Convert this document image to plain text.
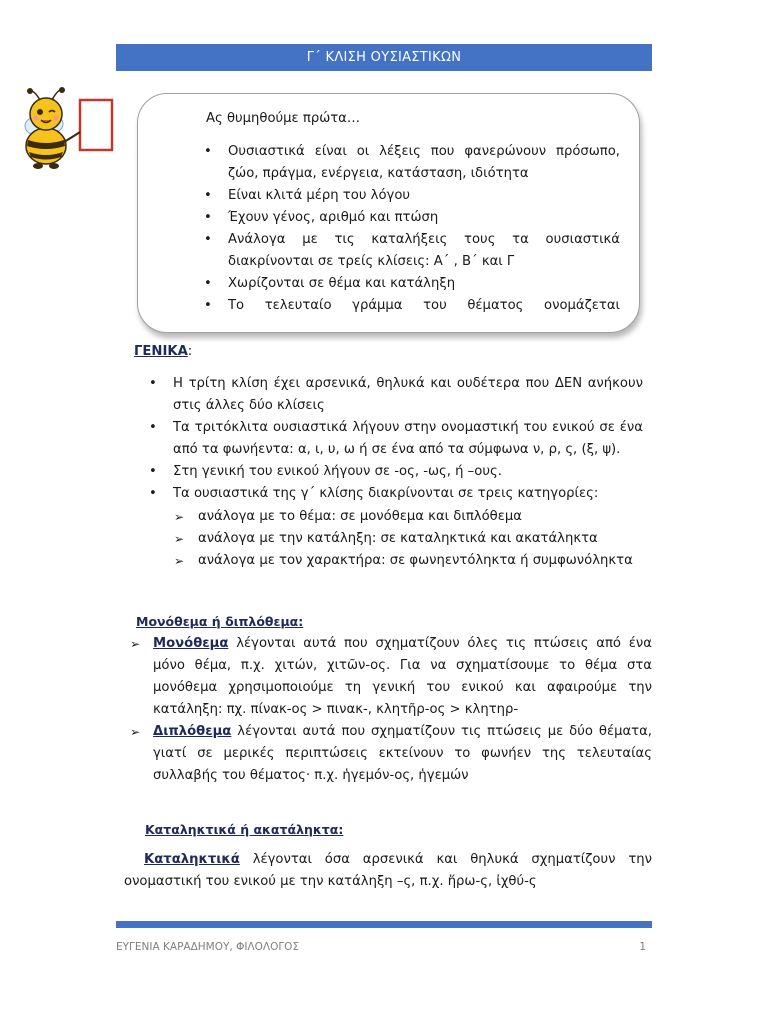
Γ΄ ΚΛΙΣΗ ΟΥΣΙΑΣΤΙΚΩΝ
Ας θυμηθούμε πρώτα…
• Ουσιαστικά είναι οι λέξεις που φανερώνουν πρόσωπο, ζώο, πράγμα, ενέργεια, κατάσταση, ιδιότητα
• Είναι κλιτά μέρη του λόγου
• Έχουν γένος, αριθμό και πτώση
• Ανάλογα με τις καταλήξεις τους τα ουσιαστικά διακρίνονται σε τρείς κλίσεις: Α΄ , Β΄ και Γ
• Χωρίζονται σε θέμα και κατάληξη
• Το τελευταίο γράμμα του θέματος ονομάζεται
ΓΕΝΙΚΑ:
• Η τρίτη κλίση έχει αρσενικά, θηλυκά και ουδέτερα που ΔΕΝ ανήκουν στις άλλες δύο κλίσεις
• Τα τριτόκλιτα ουσιαστικά λήγουν στην ονομαστική του ενικού σε ένα από τα φωνήεντα: α, ι, υ, ω ή σε ένα από τα σύμφωνα ν, ρ, ς, (ξ, ψ).
• Στη γενική του ενικού λήγουν σε -ος, -ως, ή –ους.
• Τα ουσιαστικά της γ΄ κλίσης διακρίνονται σε τρεις κατηγορίες:
➢ ανάλογα με το θέμα: σε μονόθεμα και διπλόθεμα
➢ ανάλογα με την κατάληξη: σε καταληκτικά και ακατάληκτα
➢ ανάλογα με τον χαρακτήρα: σε φωνηεντόληκτα ή συμφωνόληκτα
Μονόθεμα ή διπλόθεμα:
➢ Μονόθεμα λέγονται αυτά που σχηματίζουν όλες τις πτώσεις από ένα μόνο θέμα, π.χ. χιτών, χιτῶν-ος. Για να σχηματίσουμε το θέμα στα μονόθεμα χρησιμοποιούμε τη γενική του ενικού και αφαιρούμε την κατάληξη: πχ. πίνακ-ος > πινακ-, κλητῆρ-ος > κλητηρ-
➢ Διπλόθεμα λέγονται αυτά που σχηματίζουν τις πτώσεις με δύο θέματα, γιατί σε μερικές περιπτώσεις εκτείνουν το φωνήεν της τελευταίας συλλαβής του θέματος· π.χ. ἡγεμόν-ος, ἡγεμών
Καταληκτικά ή ακατάληκτα:
Καταληκτικά λέγονται όσα αρσενικά και θηλυκά σχηματίζουν την ονομαστική του ενικού με την κατάληξη –ς, π.χ. ἥρω-ς, ἰχθύ-ς
ΕΥΓΕΝΙΑ ΚΑΡΑΔΗΜΟΥ, ΦΙΛΟΛΟΓΟΣ	1
